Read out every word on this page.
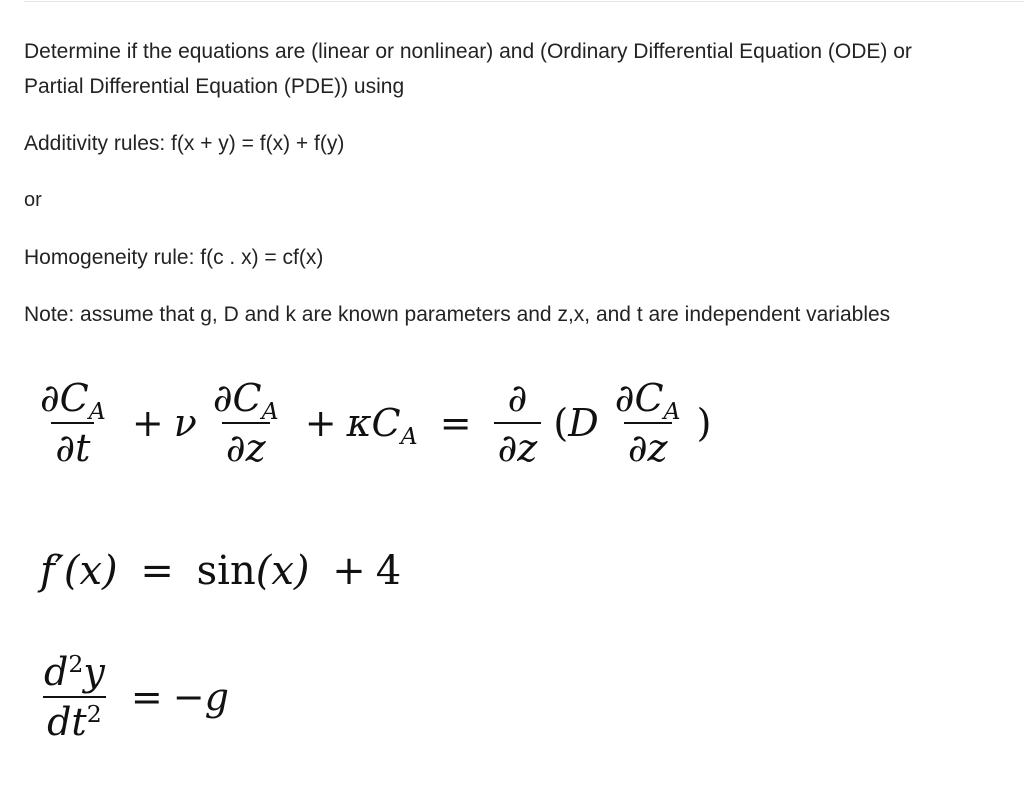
Determine if the equations are (linear or nonlinear) and (Ordinary Differential Equation (ODE) or
Partial Differential Equation (PDE)) using
Additivity rules: f(x + y) = f(x) + f(y)
or
Homogeneity rule: f(c . x) = cf(x)
Note: assume that g, D and k are known parameters and z,x, and t are independent variables
$\frac{\partial C_A}{\partial t} + \nu \frac{\partial C_A}{\partial z} + \kappa C_A = \frac{\partial}{\partial z} (D \frac{\partial C_A}{\partial z}$ )
f′(x) = sin(x) + 4
$\frac{d^2y}{dt^2} = -g$
